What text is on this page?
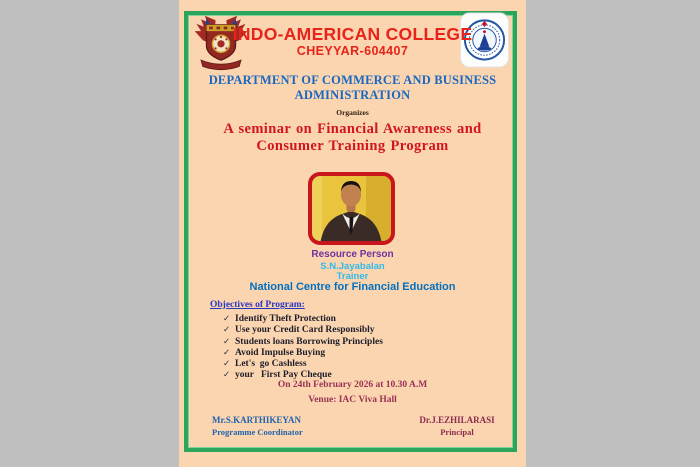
INDO-AMERICAN COLLEGE
CHEYYAR-604407
DEPARTMENT OF COMMERCE AND BUSINESS
ADMINISTRATION
Organizes
A seminar on Financial Awareness and
Consumer Training Program
Resource Person
S.N.Jayabalan
Trainer
National Centre for Financial Education
Objectives of Program:
✓ Identify Theft Protection
✓ Use your Credit Card Responsibly
✓ Students loans Borrowing Principles
✓ Avoid Impulse Buying
✓ Let's  go Cashless
✓ your   First Pay Cheque
On 24th February 2026 at 10.30 A.M
Venue: IAC Viva Hall
Mr.S.KARTHIKEYAN
Programme Coordinator
Dr.J.EZHILARASI
Principal
